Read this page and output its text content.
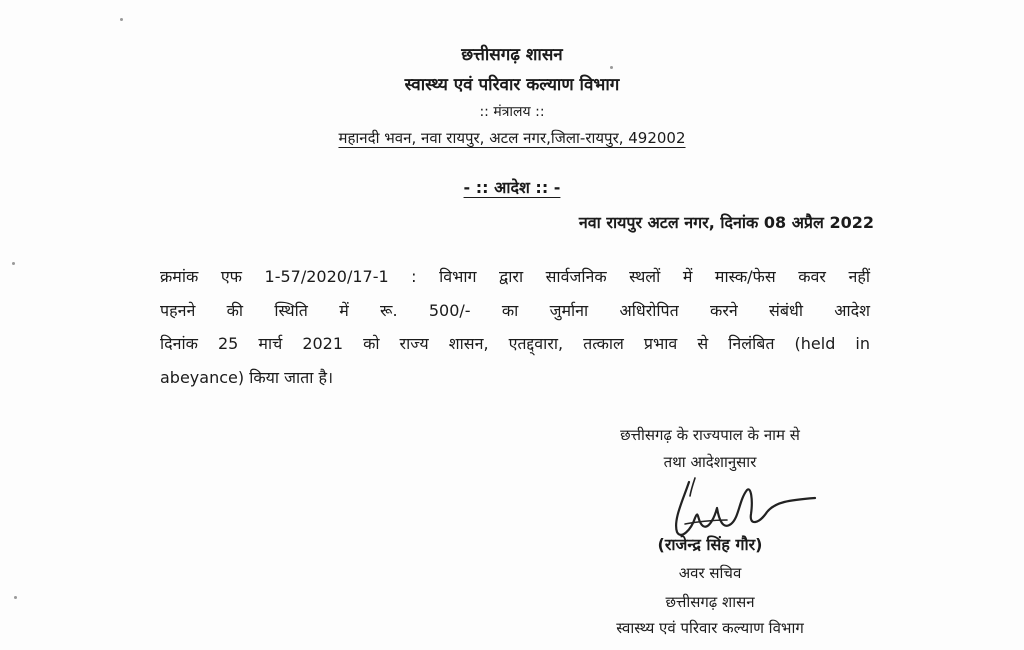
छत्तीसगढ़ शासन
स्वास्थ्य एवं परिवार कल्याण विभाग
:: मंत्रालय ::
महानदी भवन, नवा रायपुर, अटल नगर,जिला-रायपुर, 492002
- :: आदेश :: -
नवा रायपुर अटल नगर, दिनांक 08 अप्रैल 2022
क्रमांक एफ 1-57/2020/17-1 : विभाग द्वारा सार्वजनिक स्थलों में मास्क/फेस कवर नहीं
पहनने की स्थिति में रू. 500/- का जुर्माना अधिरोपित करने संबंधी आदेश
दिनांक 25 मार्च 2021 को राज्य शासन, एतद्द्वारा, तत्काल प्रभाव से निलंबित (held in
abeyance) किया जाता है।
छत्तीसगढ़ के राज्यपाल के नाम से
तथा आदेशानुसार
(राजेन्द्र सिंह गौर)
अवर सचिव
छत्तीसगढ़ शासन
स्वास्थ्य एवं परिवार कल्याण विभाग
